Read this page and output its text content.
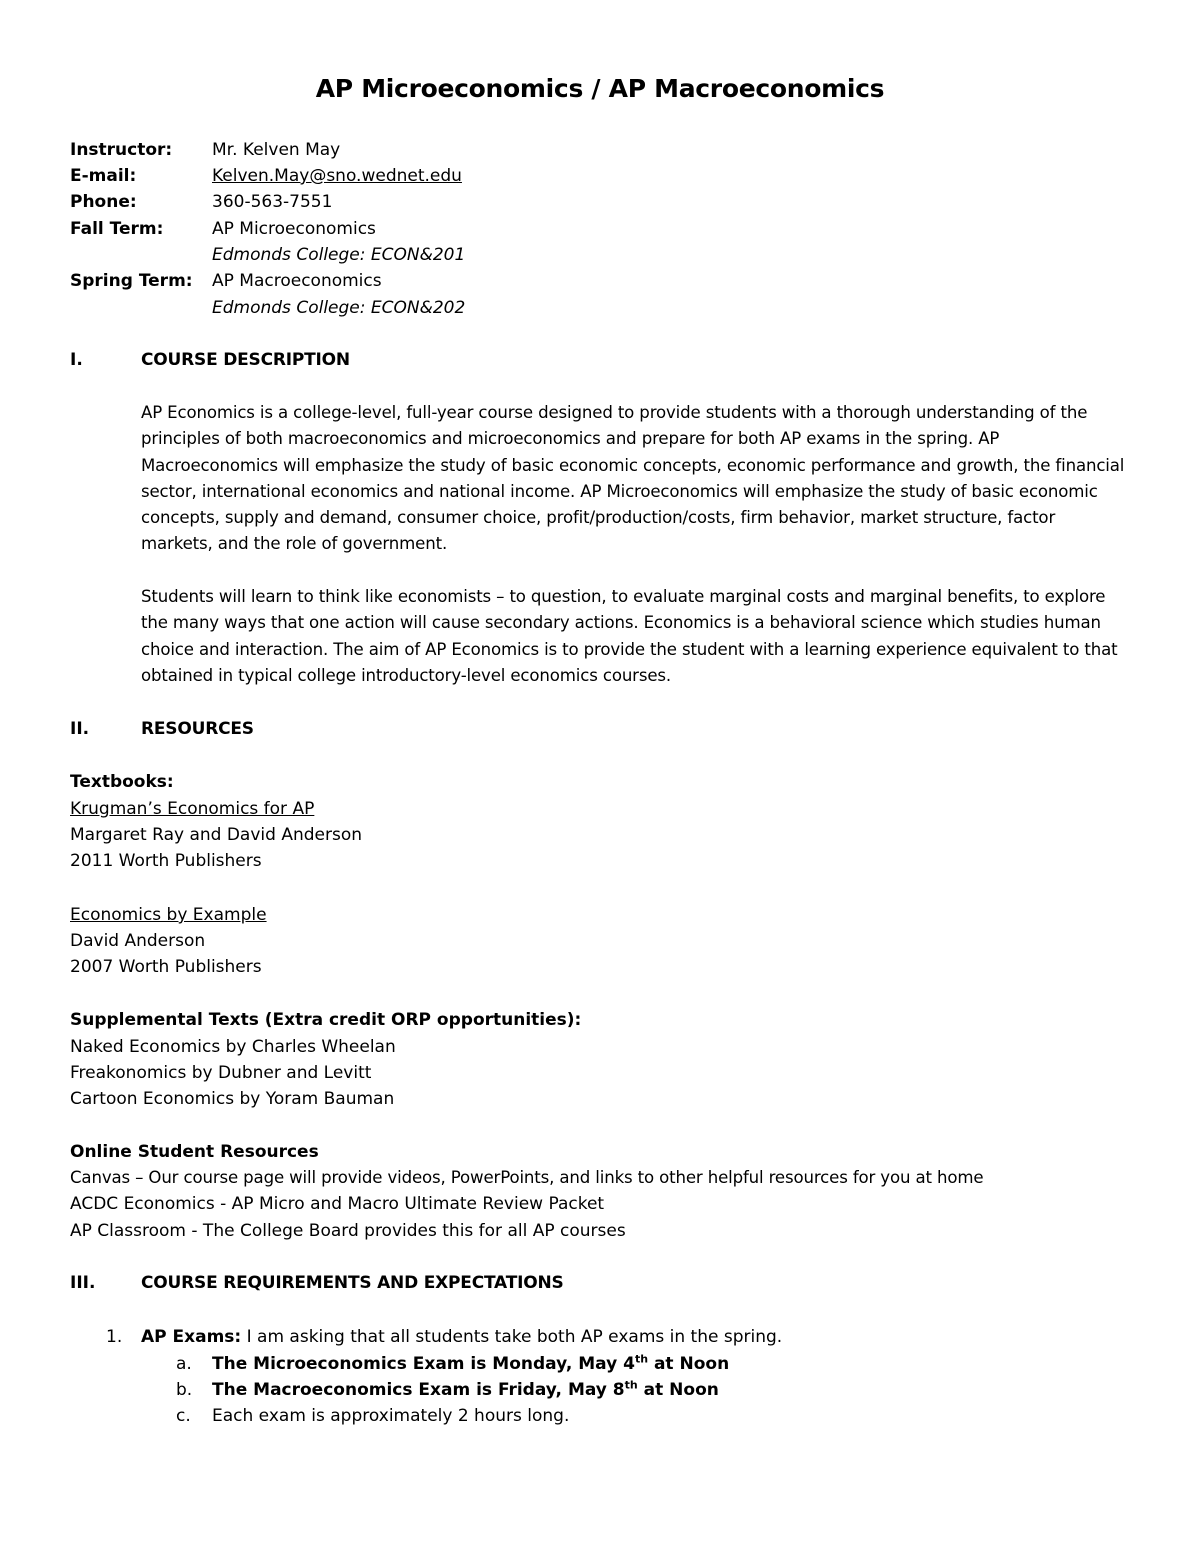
AP Microeconomics / AP Macroeconomics
Instructor: Mr. Kelven May
E-mail:	Kelven.May@sno.wednet.edu
Phone:	360-563-7551
Fall Term:	AP Microeconomics
Edmonds College: ECON&201
Spring Term: AP Macroeconomics
Edmonds College: ECON&202
I.	COURSE DESCRIPTION

AP Economics is a college-level, full-year course designed to provide students with a thorough understanding of the principles of both macroeconomics and microeconomics and prepare for both AP exams in the spring. AP Macroeconomics will emphasize the study of basic economic concepts, economic performance and growth, the financial sector, international economics and national income. AP Microeconomics will emphasize the study of basic economic concepts, supply and demand, consumer choice, profit/production/costs, firm behavior, market structure, factor markets, and the role of government.

Students will learn to think like economists – to question, to evaluate marginal costs and marginal benefits, to explore the many ways that one action will cause secondary actions. Economics is a behavioral science which studies human choice and interaction. The aim of AP Economics is to provide the student with a learning experience equivalent to that obtained in typical college introductory-level economics courses.

II.	RESOURCES
Textbooks:
Krugman’s Economics for AP
Margaret Ray and David Anderson
2011 Worth Publishers
Economics by Example
David Anderson
2007 Worth Publishers
Supplemental Texts (Extra credit ORP opportunities):
Naked Economics by Charles Wheelan
Freakonomics by Dubner and Levitt
Cartoon Economics by Yoram Bauman
Online Student Resources
Canvas – Our course page will provide videos, PowerPoints, and links to other helpful resources for you at home
ACDC Economics - AP Micro and Macro Ultimate Review Packet
AP Classroom - The College Board provides this for all AP courses
III.	COURSE REQUIREMENTS AND EXPECTATIONS
1. AP Exams: I am asking that all students take both AP exams in the spring.
a. The Microeconomics Exam is Monday, May 4th at Noon
b. The Macroeconomics Exam is Friday, May 8th at Noon
c. Each exam is approximately 2 hours long.
